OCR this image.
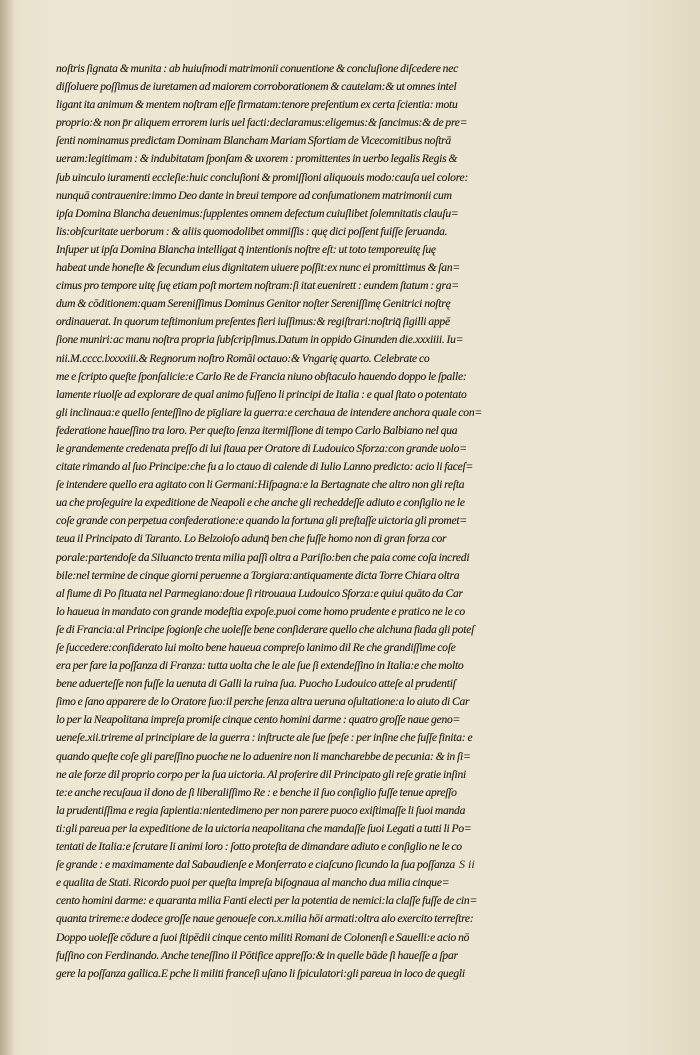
noſtris ſignata & munita : ab huiuſmodi matrimonii conuentione & concluſione diſcedere nec
diſſoluere poſſimus de iuretamen ad maiorem corroborationem & cautelam:& ut omnes intel
ligant ita animum & mentem noſtram eſſe firmatam:tenore preſentium ex certa ſcientia: motu
proprio:& non p̄r aliquem errorem iuris uel facti:declaramus:eligemus:& ſancimus:& de pre=
ſenti nominamus predictam Dominam Blancham Mariam Sfortiam de Vicecomitibus noſtrā
ueram:legitimam : & indubitatam ſponſam & uxorem : promittentes in uerbo legalis Regis &
ſub uinculo iuramenti eccleſie:huic concluſioni & promiſſioni aliquouis modo:cauſa uel colore:
nunquā contrauenire:immo Deo dante in breui tempore ad conſumationem matrimonii cum
ipſa Domina Blancha deuenimus:ſupplentes omnem defectum cuiuſlibet ſolemnitatis clauſu=
lis:obſcuritate uerborum : & aliis quomodolibet ommiſſis : quę dici poſſent fuiſſe ſeruanda.
Inſuper ut ipſa Domina Blancha intelligat q̄ intentionis noſtre eſt: ut toto temporeuitę ſuę
habeat unde honeſte & ſecundum eius dignitatem uiuere poſſit:ex nunc ei promittimus & ſan=
cimus pro tempore uitę ſuę etiam poſt mortem noſtram:ſi itat euenirett : eundem ſtatum : gra=
dum & cōditionem:quam Sereniſſimus Dominus Genitor noſter Sereniſſimę Genitrici noſtrę
ordinauerat. In quorum teſtimonium preſentes fieri iuſſimus:& regiſtrari:noſtriq̄ ſigilli appē
ſione muniri:ac manu noſtra propria ſubſcripſimus.Datum in oppido Ginunden die.xxxiiii. Iu=
nii.M.cccc.lxxxxiii.& Regnorum noſtro Romāi octauo:& Vngarię quarto. Celebrate co
me e ſcripto queſte ſponſalicie:e Carlo Re de Francia niuno obſtaculo hauendo doppo le ſpalle:
lamente riuolſe ad explorare de qual animo fuſſeno li principi de Italia : e qual ſtato o potentato
gli inclinaua:e quello ſenteſſino de pīgliare la guerra:e cerchaua de intendere anchora quale con=
federatione haueſſino tra loro. Per queſto ſenza itermiſſione di tempo Carlo Balbiano nel qua
le grandemente credenata preſſo di lui ſtaua per Oratore di Ludouico Sforza:con grande uolo=
citate rimando al ſuo Principe:che fu a lo ctauo di calende di Iulio Lanno predicto: acio li faceſ=
ſe intendere quello era agitato con li Germani:Hiſpagna:e la Bertagnate che altro non gli reſta
ua che proſeguire la expeditione de Neapoli e che anche gli recheddeſſe adiuto e conſiglio ne le
coſe grande con perpetua confederatione:e quando la fortuna gli preſtaſſe uictoria gli promet=
teua il Principato di Taranto. Lo Belzoioſo adunq̄ ben che fuſſe homo non di gran forza cor
porale:partendoſe da Siluancto trenta milia paſſi oltra a Pariſio:ben che paia come coſa incredi
bile:nel termine de cinque giorni peruenne a Torgiara:antiquamente dicta Torre Chiara oltra
al fiume di Po ſituata nel Parmegiano:doue ſi ritrouaua Ludouico Sforza:e quiui quāto da Car
lo haueua in mandato con grande modeſtia expoſe.puoi come homo prudente e pratico ne le co
ſe di Francia:al Principe ſogionſe che uoleſſe bene conſiderare quello che alchuna fiada gli poteſ
ſe ſuccedere:conſiderato lui molto bene haueua compreſo lanimo dil Re che grandiſſime coſe
era per fare la poſſanza di Franza: tutta uolta che le ale ſue ſi extendeſſino in Italia:e che molto
bene aduerteſſe non fuſſe la uenuta di Galli la ruina ſua. Puocho Ludouico atteſe al prudentiſ
ſimo e ſano apparere de lo Oratore ſuo:il perche ſenza altra ueruna oſultatione:a lo aiuto di Car
lo per la Neapolitana impreſa promiſe cinque cento homini darme : quatro groſſe naue geno=
ueneſe.xii.trireme al principiare de la guerra : inſtructe ale ſue ſpeſe : per inſine che fuſſe finita: e
quando queſte coſe gli pareſſino puoche ne lo aduenire non li mancharebbe de pecunia: & in ſi=
ne ale forze dil proprio corpo per la ſua uictoria. Al proferire dil Principato gli reſe gratie inſini
te:e anche recuſaua il dono de ſi liberaliſſimo Re : e benche il ſuo conſiglio fuſſe tenue apreſſo
la prudentiſſima e regia ſapientia:nientedimeno per non parere puoco exiſtimaſſe li ſuoi manda
ti:gli pareua per la expeditione de la uictoria neapolitana che mandaſſe ſuoi Legati a tutti li Po=
tentati de Italia:e ſcrutare li animi loro : ſotto proteſta de dimandare adiuto e conſiglio ne le co
ſe grande : e maximamente dal Sabaudienſe e Monſerrato e ciaſcuno ſicundo la ſua poſſanza
e qualita de Stati. Ricordo puoi per queſta impreſa biſognaua al mancho dua milia cinque=
cento homini darme: e quaranta milia Fanti electi per la potentia de nemici:la claſſe fuſſe de cin=
quanta trireme:e dodece groſſe naue genoueſe con.x.milia hōi armati:oltra alo exercito terreſtre:
Doppo uoleſſe cōdure a ſuoi ſtipēdii cinque cento militi Romani de Colonenſi e Sauelli:e acio nō
fuſſino con Ferdinando. Anche teneſſino il Pōtifice appreſſo:& in quelle bāde ſi haueſſe a ſpar
gere la poſſanza gallica.E pche li militi franceſi uſano li ſpiculatori:gli pareua in loco de quegli
S ii
